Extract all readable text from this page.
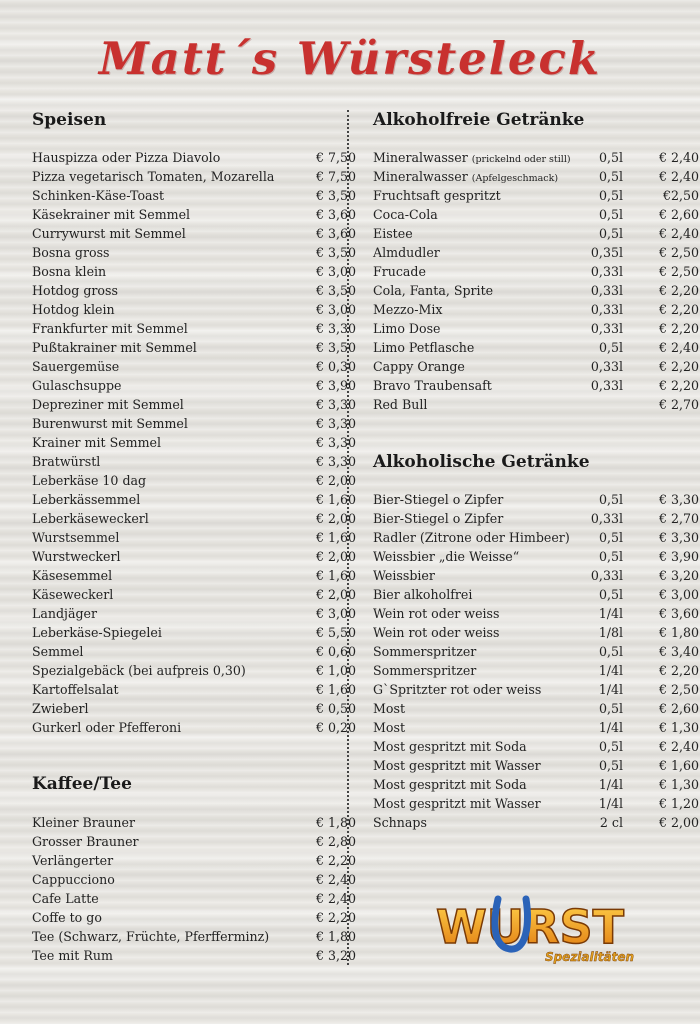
Matt´s Würsteleck
Speisen
Hauspizza oder Pizza Diavolo	€ 7,50
Pizza vegetarisch Tomaten, Mozarella	€ 7,50
Schinken-Käse-Toast	€ 3,50
Käsekrainer mit Semmel	€ 3,60
Currywurst mit Semmel	€ 3,60
Bosna gross	€ 3,50
Bosna klein	€ 3,00
Hotdog gross	€ 3,50
Hotdog klein	€ 3,00
Frankfurter mit Semmel	€ 3,30
Pußtakrainer mit Semmel	€ 3,50
Sauergemüse	€ 0,30
Gulaschsuppe	€ 3,90
Depreziner mit Semmel	€ 3,30
Burenwurst mit Semmel	€ 3,30
Krainer mit Semmel	€ 3,30
Bratwürstl	€ 3,30
Leberkäse 10 dag	€ 2,00
Leberkässemmel	€ 1,60
Leberkäseweckerl	€ 2,00
Wurstsemmel	€ 1,60
Wurstweckerl	€ 2,00
Käsesemmel	€ 1,60
Käseweckerl	€ 2,00
Landjäger	€ 3,00
Leberkäse-Spiegelei	€ 5,50
Semmel	€ 0,60
Spezialgebäck (bei aufpreis 0,30)	€ 1,00
Kartoffelsalat	€ 1,60
Zwieberl	€ 0,50
Gurkerl oder Pfefferoni	€ 0,20
Kaffee/Tee
Kleiner Brauner	€ 1,80
Grosser Brauner	€ 2,80
Verlängerter	€ 2,20
Cappucciono	€ 2,40
Cafe Latte	€ 2,40
Coffe to go	€ 2,20
Tee (Schwarz, Früchte, Pferfferminz)	€ 1,80
Tee mit Rum	€ 3,20
Alkoholfreie Getränke
Mineralwasser (prickelnd oder still)	0,5l	€ 2,40
Mineralwasser (Apfelgeschmack)	0,5l	€ 2,40
Fruchtsaft gespritzt	0,5l	€2,50
Coca-Cola	0,5l	€ 2,60
Eistee	0,5l	€ 2,40
Almdudler	0,35l	€ 2,50
Frucade	0,33l	€ 2,50
Cola, Fanta, Sprite	0,33l	€ 2,20
Mezzo-Mix	0,33l	€ 2,20
Limo Dose	0,33l	€ 2,20
Limo Petflasche	0,5l	€ 2,40
Cappy Orange	0,33l	€ 2,20
Bravo Traubensaft	0,33l	€ 2,20
Red Bull	€ 2,70
Alkoholische Getränke
Bier-Stiegel o Zipfer	0,5l	€ 3,30
Bier-Stiegel o Zipfer	0,33l	€ 2,70
Radler (Zitrone oder Himbeer)	0,5l	€ 3,30
Weissbier „die Weisse“	0,5l	€ 3,90
Weissbier	0,33l	€ 3,20
Bier alkoholfrei	0,5l	€ 3,00
Wein rot oder weiss	1/4l	€ 3,60
Wein rot oder weiss	1/8l	€ 1,80
Sommerspritzer	0,5l	€ 3,40
Sommerspritzer	1/4l	€ 2,20
G`Spritzter rot oder weiss	1/4l	€ 2,50
Most	0,5l	€ 2,60
Most	1/4l	€ 1,30
Most gespritzt mit Soda	0,5l	€ 2,40
Most gespritzt mit Wasser	0,5l	€ 1,60
Most gespritzt mit Soda	1/4l	€ 1,30
Most gespritzt mit Wasser	1/4l	€ 1,20
Schnaps	2 cl	€ 2,00
WURST
Spezialitäten
